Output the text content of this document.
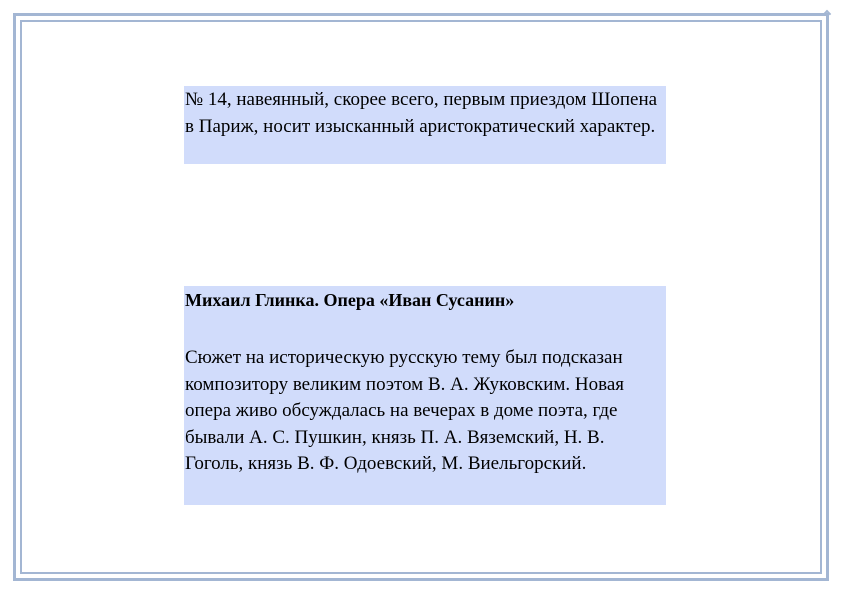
№ 14, навеянный, скорее всего, первым приездом Шопена в Париж, носит изысканный аристократический характер.

Михаил Глинка. Опера «Иван Сусанин»

Сюжет на историческую русскую тему был подсказан композитору великим поэтом В. А. Жуковским. Новая опера живо обсуждалась на вечерах в доме поэта, где бывали А. С. Пушкин, князь П. А. Вяземский, Н. В. Гоголь, князь В. Ф. Одоевский, М. Виельгорский.
